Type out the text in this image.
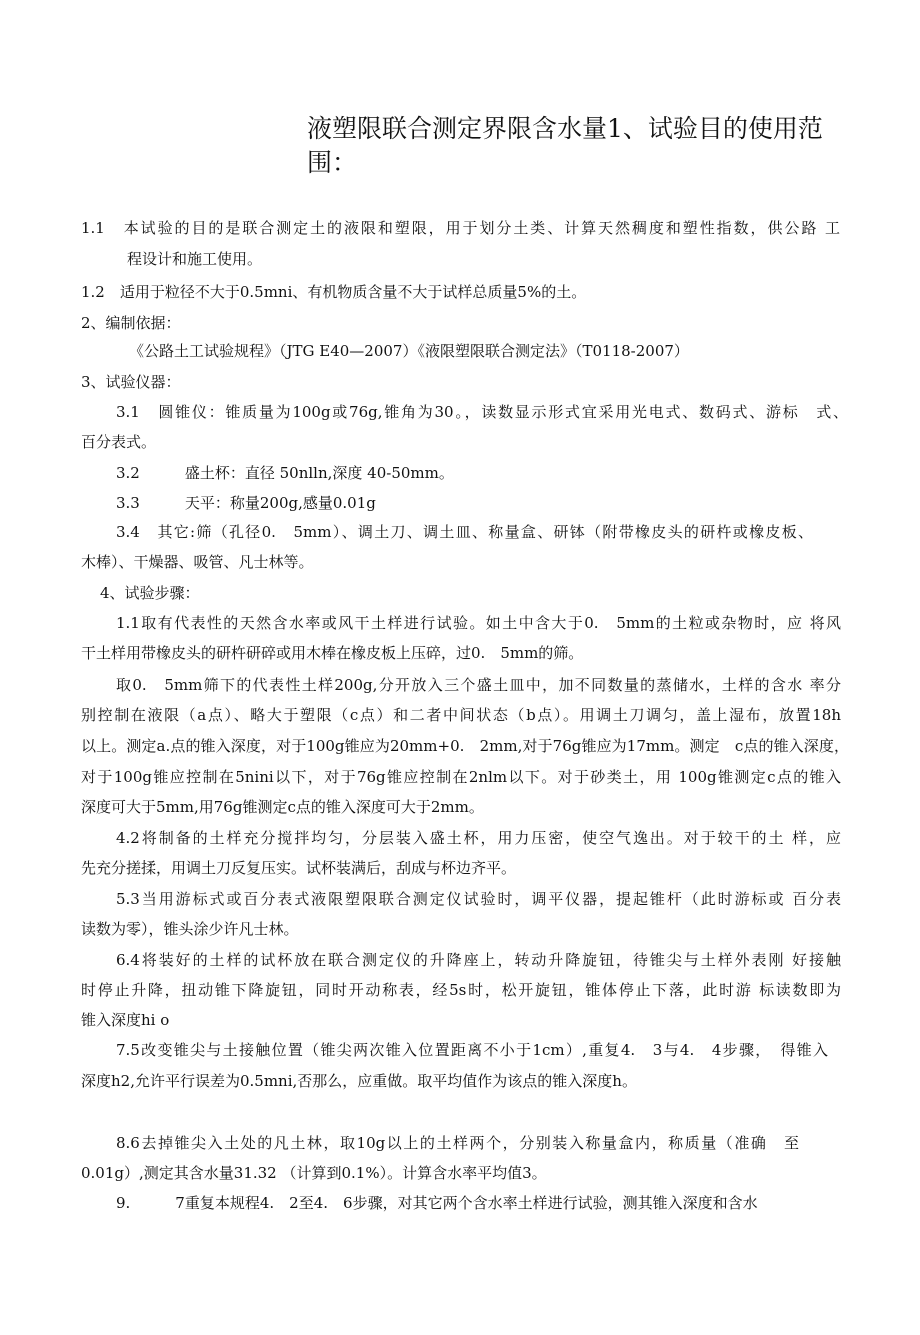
液塑限联合测定界限含水量1、试验目的使用范围：
1.1　本试验的目的是联合测定土的液限和塑限，用于划分土类、计算天然稠度和塑性指数，供公路 工
程设计和施工使用。
1.2　适用于粒径不大于0.5mni、有机物质含量不大于试样总质量5%的土。
2、编制依据：
《公路土工试验规程》（JTG E40—2007）《液限塑限联合测定法》（T0118-2007）
3、试验仪器：
3.1　圆锥仪：锥质量为100g或76g,锥角为30。，读数显示形式宜采用光电式、数码式、游标　式、
百分表式。
3.2　　　盛土杯：直径 50nlln,深度 40-50mm。
3.3　　　天平：称量200g,感量0.01g
3.4　其它:筛（孔径0.　5mm）、调土刀、调土皿、称量盒、研钵（附带橡皮头的研杵或橡皮板、
木棒）、干燥器、吸管、凡士林等。
4、试验步骤：
1.1取有代表性的天然含水率或风干土样进行试验。如土中含大于0.　5mm的土粒或杂物时，应 将风
干土样用带橡皮头的研杵研碎或用木棒在橡皮板上压碎，过0.　5mm的筛。
取0.　5mm筛下的代表性土样200g,分开放入三个盛土皿中，加不同数量的蒸储水，土样的含水 率分
别控制在液限（a点）、略大于塑限（c点）和二者中间状态（b点）。用调土刀调匀，盖上湿布，放置18h
以上。测定a.点的锥入深度，对于100g锥应为20mm+0.　2mm,对于76g锥应为17mm。测定　c点的锥入深度，
对于100g锥应控制在5nini以下，对于76g锥应控制在2nlm以下。对于砂类土，用 100g锥测定c点的锥入
深度可大于5mm,用76g锥测定c点的锥入深度可大于2mm。
4.2将制备的土样充分搅拌均匀，分层装入盛土杯，用力压密，使空气逸出。对于较干的土 样，应
先充分搓揉，用调土刀反复压实。试杯装满后，刮成与杯边齐平。
5.3当用游标式或百分表式液限塑限联合测定仪试验时，调平仪器，提起锥杆（此时游标或 百分表
读数为零），锥头涂少许凡士林。
6.4将装好的土样的试杯放在联合测定仪的升降座上，转动升降旋钮，待锥尖与土样外表刚 好接触
时停止升降，扭动锥下降旋钮，同时开动称表，经5s时，松开旋钮，锥体停止下落，此时游 标读数即为
锥入深度hi o
7.5改变锥尖与土接触位置（锥尖两次锥入位置距离不小于1cm）,重复4.　3与4.　4步骤，　得锥入
深度h2,允许平行误差为0.5mni,否那么，应重做。取平均值作为该点的锥入深度h。
8.6去掉锥尖入土处的凡土林，取10g以上的土样两个，分别装入称量盒内，称质量（准确　至
0.01g）,测定其含水量31.32 （计算到0.1%）。计算含水率平均值3。
9.　　　7重复本规程4.　2至4.　6步骤，对其它两个含水率土样进行试验，测其锥入深度和含水
